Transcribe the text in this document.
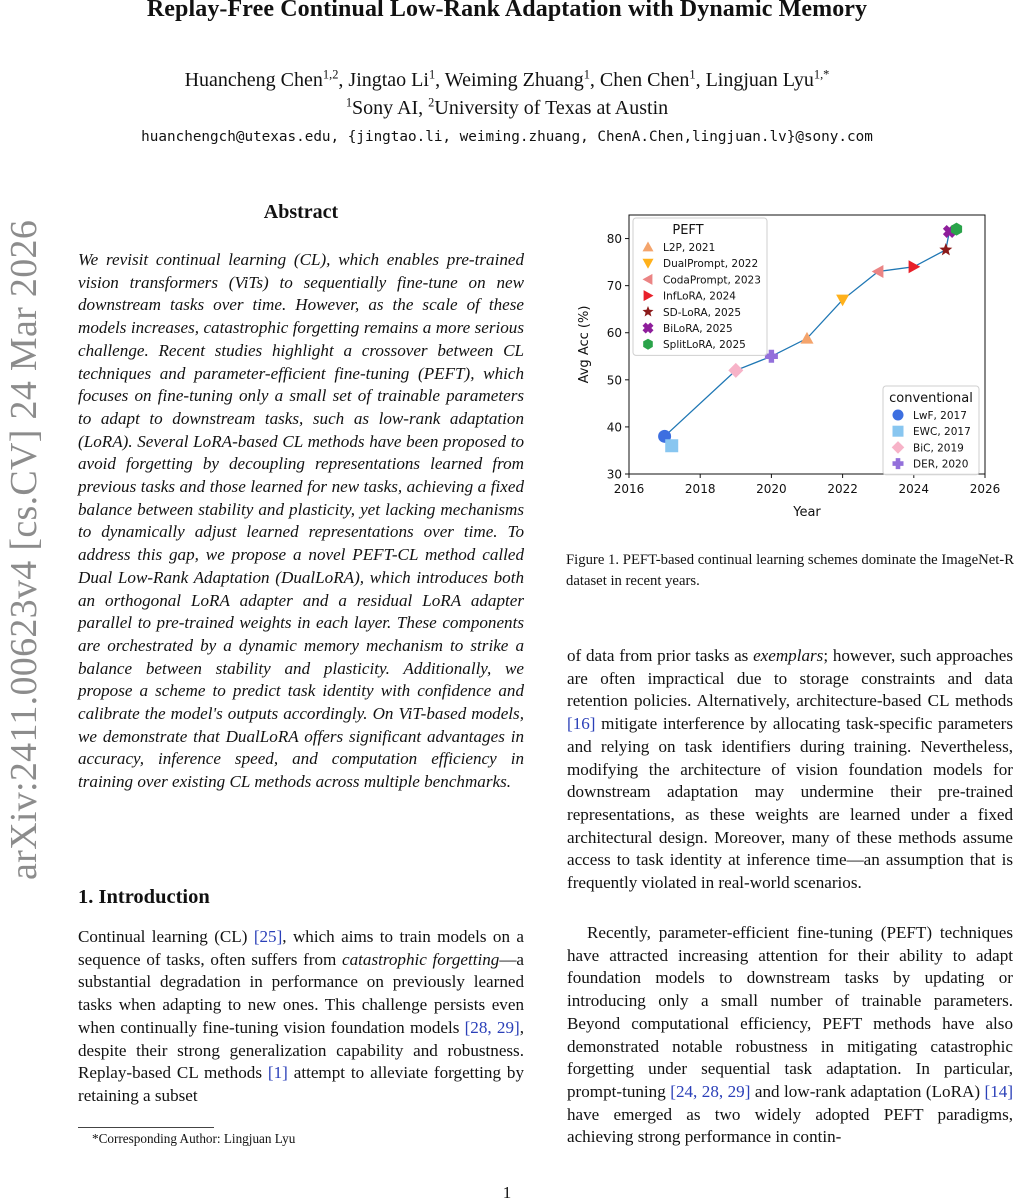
Replay-Free Continual Low-Rank Adaptation with Dynamic Memory
Huancheng Chen$^{1,2}$, Jingtao Li$^1$, Weiming Zhuang$^1$, Chen Chen$^1$, Lingjuan Lyu$^{1,*}$
$^1$Sony AI, $^2$University of Texas at Austin
huanchengch@utexas.edu, {jingtao.li, weiming.zhuang, ChenA.Chen,lingjuan.lv}@sony.com
arXiv:2411.00623v4 [cs.CV] 24 Mar 2026
Abstract
We revisit continual learning (CL), which enables pre-trained vision transformers (ViTs) to sequentially fine-tune on new downstream tasks over time. However, as the scale of these models increases, catastrophic forgetting remains a more serious challenge. Recent studies highlight a crossover between CL techniques and parameter-efficient fine-tuning (PEFT), which focuses on fine-tuning only a small set of trainable parameters to adapt to downstream tasks, such as low-rank adaptation (LoRA). Several LoRA-based CL methods have been proposed to avoid forgetting by decoupling representations learned from previous tasks and those learned for new tasks, achieving a fixed balance between stability and plasticity, yet lacking mechanisms to dynamically adjust learned representations over time. To address this gap, we propose a novel PEFT-CL method called Dual Low-Rank Adaptation (DualLoRA), which introduces both an orthogonal LoRA adapter and a residual LoRA adapter parallel to pre-trained weights in each layer. These components are orchestrated by a dynamic memory mechanism to strike a balance between stability and plasticity. Additionally, we propose a scheme to predict task identity with confidence and calibrate the model's outputs accordingly. On ViT-based models, we demonstrate that DualLoRA offers significant advantages in accuracy, inference speed, and computation efficiency in training over existing CL methods across multiple benchmarks.
1. Introduction
Continual learning (CL) [25], which aims to train models on a sequence of tasks, often suffers from catastrophic forgetting—a substantial degradation in performance on previously learned tasks when adapting to new ones. This challenge persists even when continually fine-tuning vision foundation models [28, 29], despite their strong generalization capability and robustness. Replay-based CL methods [1] attempt to alleviate forgetting by retaining a subset
of data from prior tasks as exemplars; however, such approaches are often impractical due to storage constraints and data retention policies. Alternatively, architecture-based CL methods [16] mitigate interference by allocating task-specific parameters and relying on task identifiers during training. Nevertheless, modifying the architecture of vision foundation models for downstream adaptation may undermine their pre-trained representations, as these weights are learned under a fixed architectural design. Moreover, many of these methods assume access to task identity at inference time—an assumption that is frequently violated in real-world scenarios.
Recently, parameter-efficient fine-tuning (PEFT) techniques have attracted increasing attention for their ability to adapt foundation models to downstream tasks by updating or introducing only a small number of trainable parameters. Beyond computational efficiency, PEFT methods have also demonstrated notable robustness in mitigating catastrophic forgetting under sequential task adaptation. In particular, prompt-tuning [24, 28, 29] and low-rank adaptation (LoRA) [14] have emerged as two widely adopted PEFT paradigms, achieving strong performance in contin-
*Corresponding Author: Lingjuan Lyu
1
2016	2018	2020	2022	2024	2026
30
40
50
60
70
80
Year
Avg Acc (%)
PEFT
L2P, 2021
DualPrompt, 2022
CodaPrompt, 2023
InfLoRA, 2024
SD-LoRA, 2025
BiLoRA, 2025
SplitLoRA, 2025
conventional
LwF, 2017
EWC, 2017
BiC, 2019
DER, 2020
Figure 1. PEFT-based continual learning schemes dominate the ImageNet-R dataset in recent years.
